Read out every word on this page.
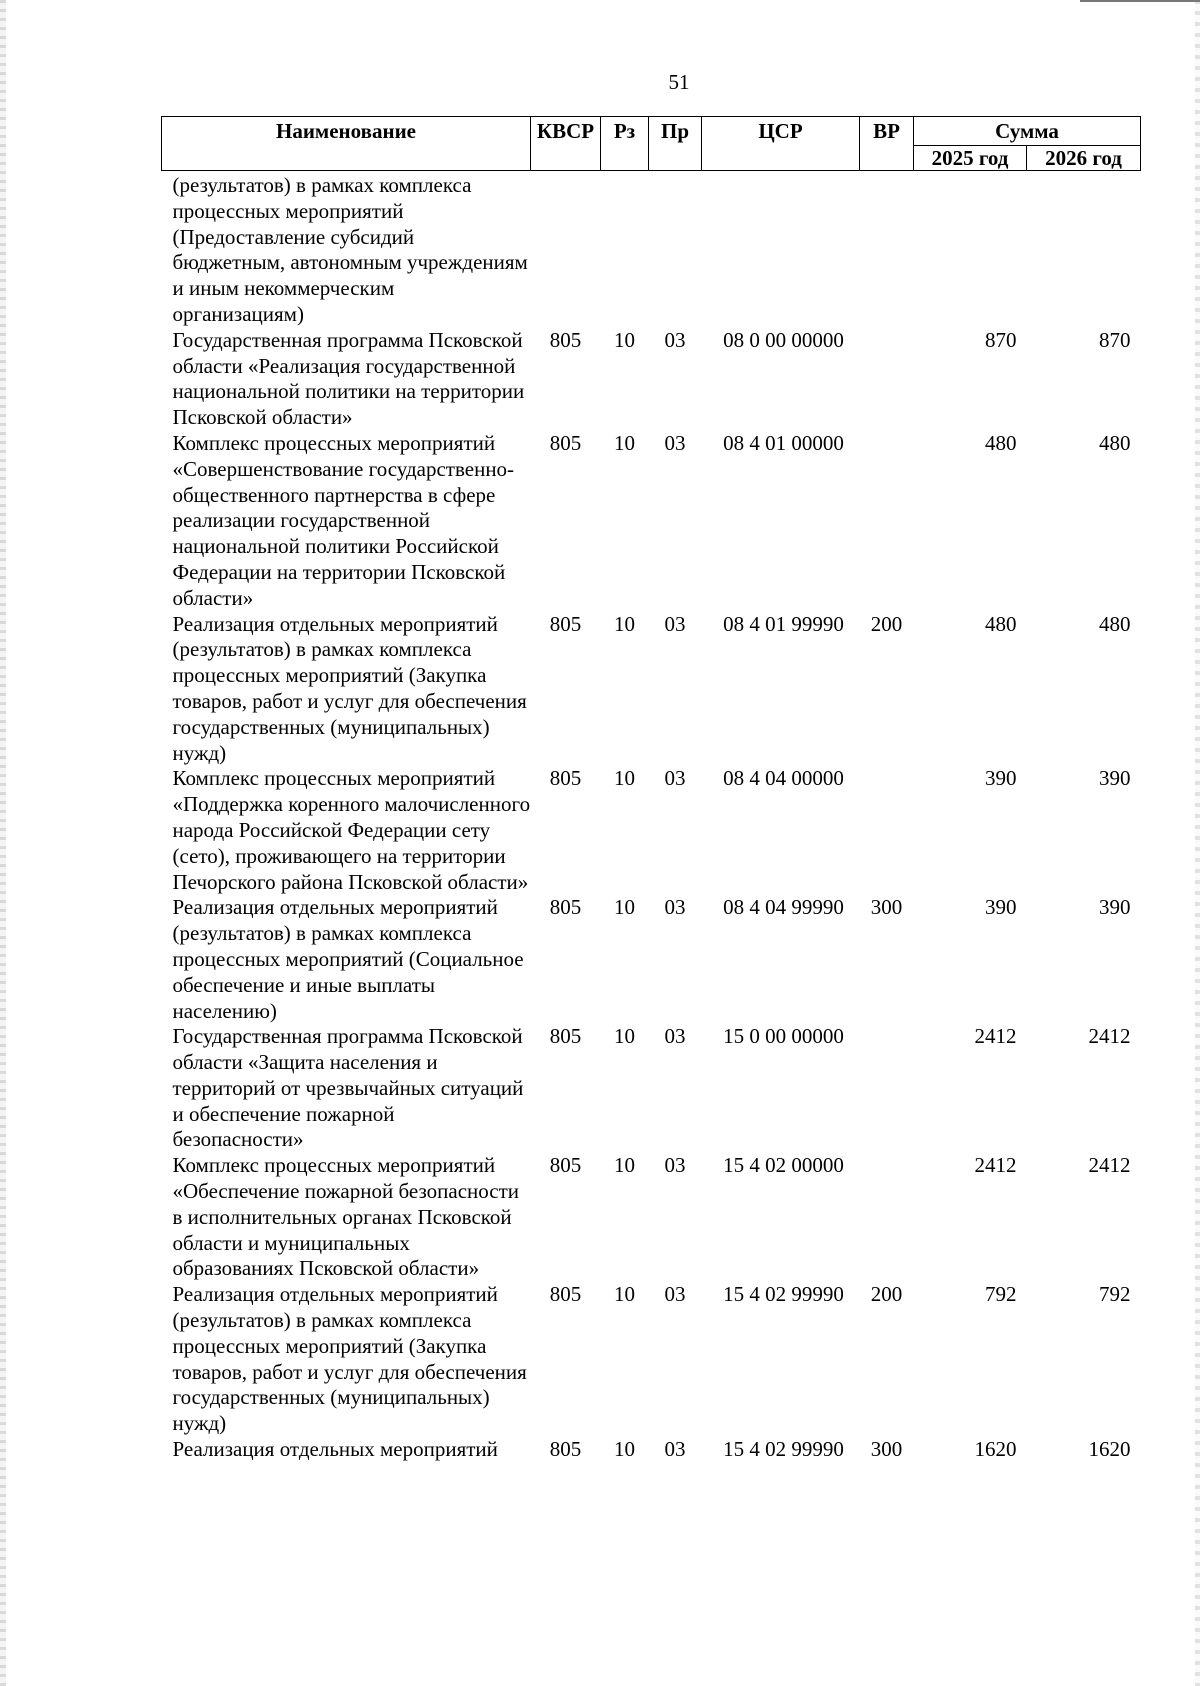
51
Наименование	КВСР	Рз	Пр	ЦСР	ВР	Сумма	
						2025 год	2026 год
(результатов) в рамках комплекса процессных мероприятий (Предоставление субсидий бюджетным, автономным учреждениям и иным некоммерческим организациям)							
Государственная программа Псковской области «Реализация государственной национальной политики на территории Псковской области»	805	10	03	08 0 00 00000		870	870
Комплекс процессных мероприятий «Совершенствование государственно-общественного партнерства в сфере реализации государственной национальной политики Российской Федерации на территории Псковской области»	805	10	03	08 4 01 00000		480	480
Реализация отдельных мероприятий (результатов) в рамках комплекса процессных мероприятий (Закупка товаров, работ и услуг для обеспечения государственных (муниципальных) нужд)	805	10	03	08 4 01 99990	200	480	480
Комплекс процессных мероприятий «Поддержка коренного малочисленного народа Российской Федерации сету (сето), проживающего на территории Печорского района Псковской области»	805	10	03	08 4 04 00000		390	390
Реализация отдельных мероприятий (результатов) в рамках комплекса процессных мероприятий (Социальное обеспечение и иные выплаты населению)	805	10	03	08 4 04 99990	300	390	390
Государственная программа Псковской области «Защита населения и территорий от чрезвычайных ситуаций и обеспечение пожарной безопасности»	805	10	03	15 0 00 00000		2412	2412
Комплекс процессных мероприятий «Обеспечение пожарной безопасности в исполнительных органах Псковской области и муниципальных образованиях Псковской области»	805	10	03	15 4 02 00000		2412	2412
Реализация отдельных мероприятий (результатов) в рамках комплекса процессных мероприятий (Закупка товаров, работ и услуг для обеспечения государственных (муниципальных) нужд)	805	10	03	15 4 02 99990	200	792	792
Реализация отдельных мероприятий	805	10	03	15 4 02 99990	300	1620	1620
